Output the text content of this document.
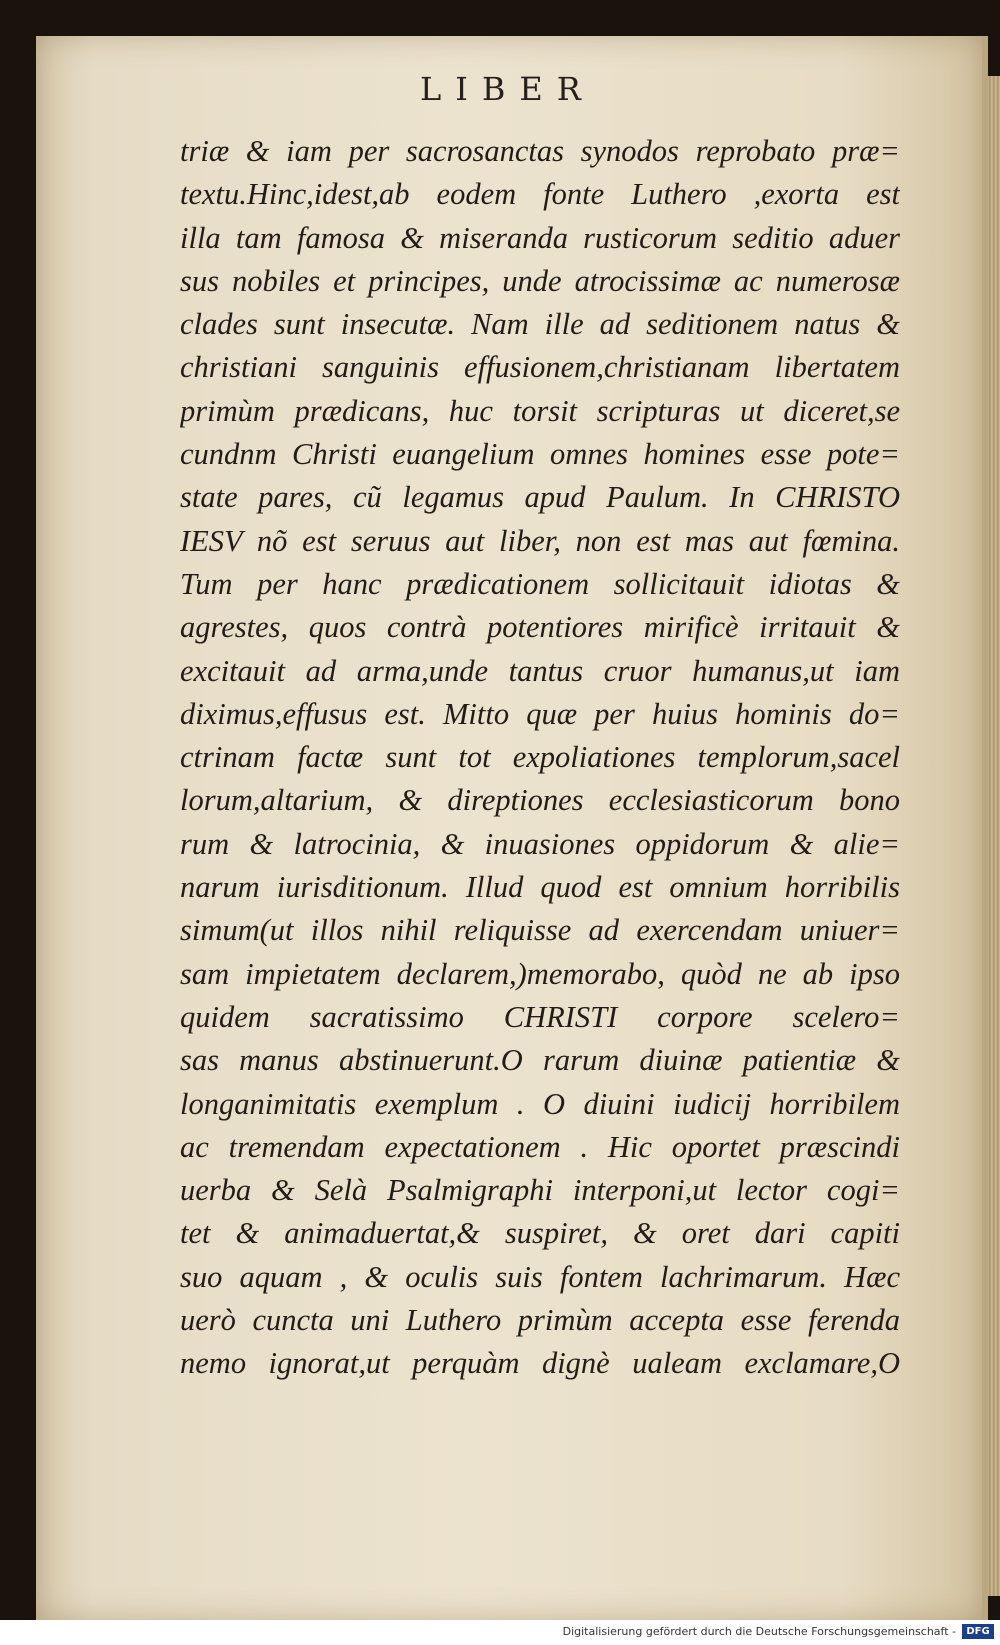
LIBER
triæ & iam per sacrosanctas synodos reprobato præ=
textu.Hinc,idest,ab eodem fonte Luthero ,exorta est
illa tam famosa & miseranda rusticorum seditio aduer
sus nobiles et principes, unde atrocissimæ ac numerosæ
clades sunt insecutæ. Nam ille ad seditionem natus &
christiani sanguinis effusionem,christianam libertatem
primùm prædicans, huc torsit scripturas ut diceret,se
cundnm Christi euangelium omnes homines esse pote=
state pares, cũ legamus apud Paulum. In CHRISTO
IESV nõ est seruus aut liber, non est mas aut fœmina.
Tum per hanc prædicationem sollicitauit idiotas &
agrestes, quos contrà potentiores mirificè irritauit &
excitauit ad arma,unde tantus cruor humanus,ut iam
diximus,effusus est. Mitto quæ per huius hominis do=
ctrinam factæ sunt tot expoliationes templorum,sacel
lorum,altarium, & direptiones ecclesiasticorum bono
rum & latrocinia, & inuasiones oppidorum & alie=
narum iurisditionum. Illud quod est omnium horribilis
simum(ut illos nihil reliquisse ad exercendam uniuer=
sam impietatem declarem,)memorabo, quòd ne ab ipso
quidem sacratissimo CHRISTI corpore scelero=
sas manus abstinuerunt.O rarum diuinæ patientiæ &
longanimitatis exemplum . O diuini iudicij horribilem
ac tremendam expectationem . Hic oportet præscindi
uerba & Selà Psalmigraphi interponi,ut lector cogi=
tet & animaduertat,& suspiret, & oret dari capiti
suo aquam , & oculis suis fontem lachrimarum. Hæc
uerò cuncta uni Luthero primùm accepta esse ferenda
nemo ignorat,ut perquàm dignè ualeam exclamare,O
Digitalisierung gefördert durch die Deutsche Forschungsgemeinschaft -	DFG
